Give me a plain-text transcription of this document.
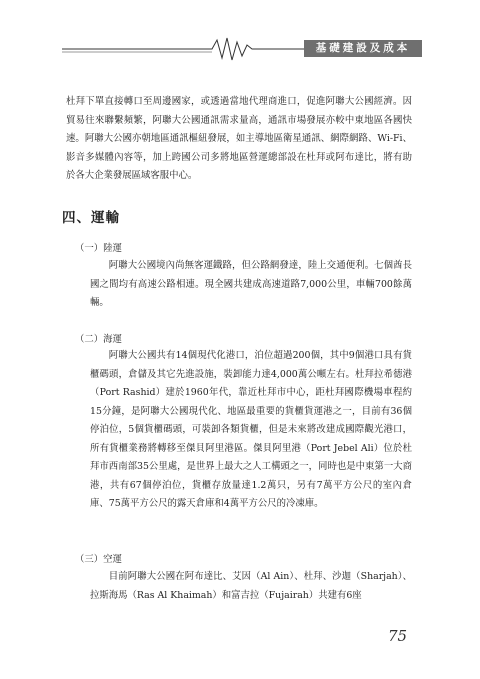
基礎建設及成本

杜拜下單直接轉口至周邊國家，或透過當地代理商進口，促進阿聯大公國經濟。因貿易往來聯繫頻繁，阿聯大公國通訊需求量高，通訊市場發展亦較中東地區各國快速。阿聯大公國亦朝地區通訊樞紐發展，如主導地區衛星通訊、網際網路、Wi-Fi、影音多媒體內容等，加上跨國公司多將地區營運總部設在杜拜或阿布達比，將有助於各大企業發展區域客服中心。

四、運輸
（一）陸運

阿聯大公國境內尚無客運鐵路，但公路網發達，陸上交通便利。七個酋長國之間均有高速公路相連。現全國共建成高速道路7,000公里，車輛700餘萬輛。

（二）海運

阿聯大公國共有14個現代化港口，泊位超過200個，其中9個港口具有貨櫃碼頭，倉儲及其它先進設施，裝卸能力達4,000萬公噸左右。杜拜拉希德港（Port Rashid）建於1960年代，靠近杜拜市中心，距杜拜國際機場車程約15分鐘，是阿聯大公國現代化、地區最重要的貨櫃貨運港之一，目前有36個停泊位，5個貨櫃碼頭，可裝卸各類貨櫃，但是未來將改建成國際觀光港口，所有貨櫃業務將轉移至傑貝阿里港區。傑貝阿里港（Port Jebel Ali）位於杜拜市西南部35公里處，是世界上最大之人工構頭之一，同時也是中東第一大商港，共有67個停泊位，貨櫃存放量達1.2萬只，另有7萬平方公尺的室內倉庫、75萬平方公尺的露天倉庫和4萬平方公尺的冷凍庫。

（三）空運

目前阿聯大公國在阿布達比、艾因（Al Ain）、杜拜、沙迦（Sharjah）、拉斯海馬（Ras Al Khaimah）和富吉拉（Fujairah）共建有6座

75
